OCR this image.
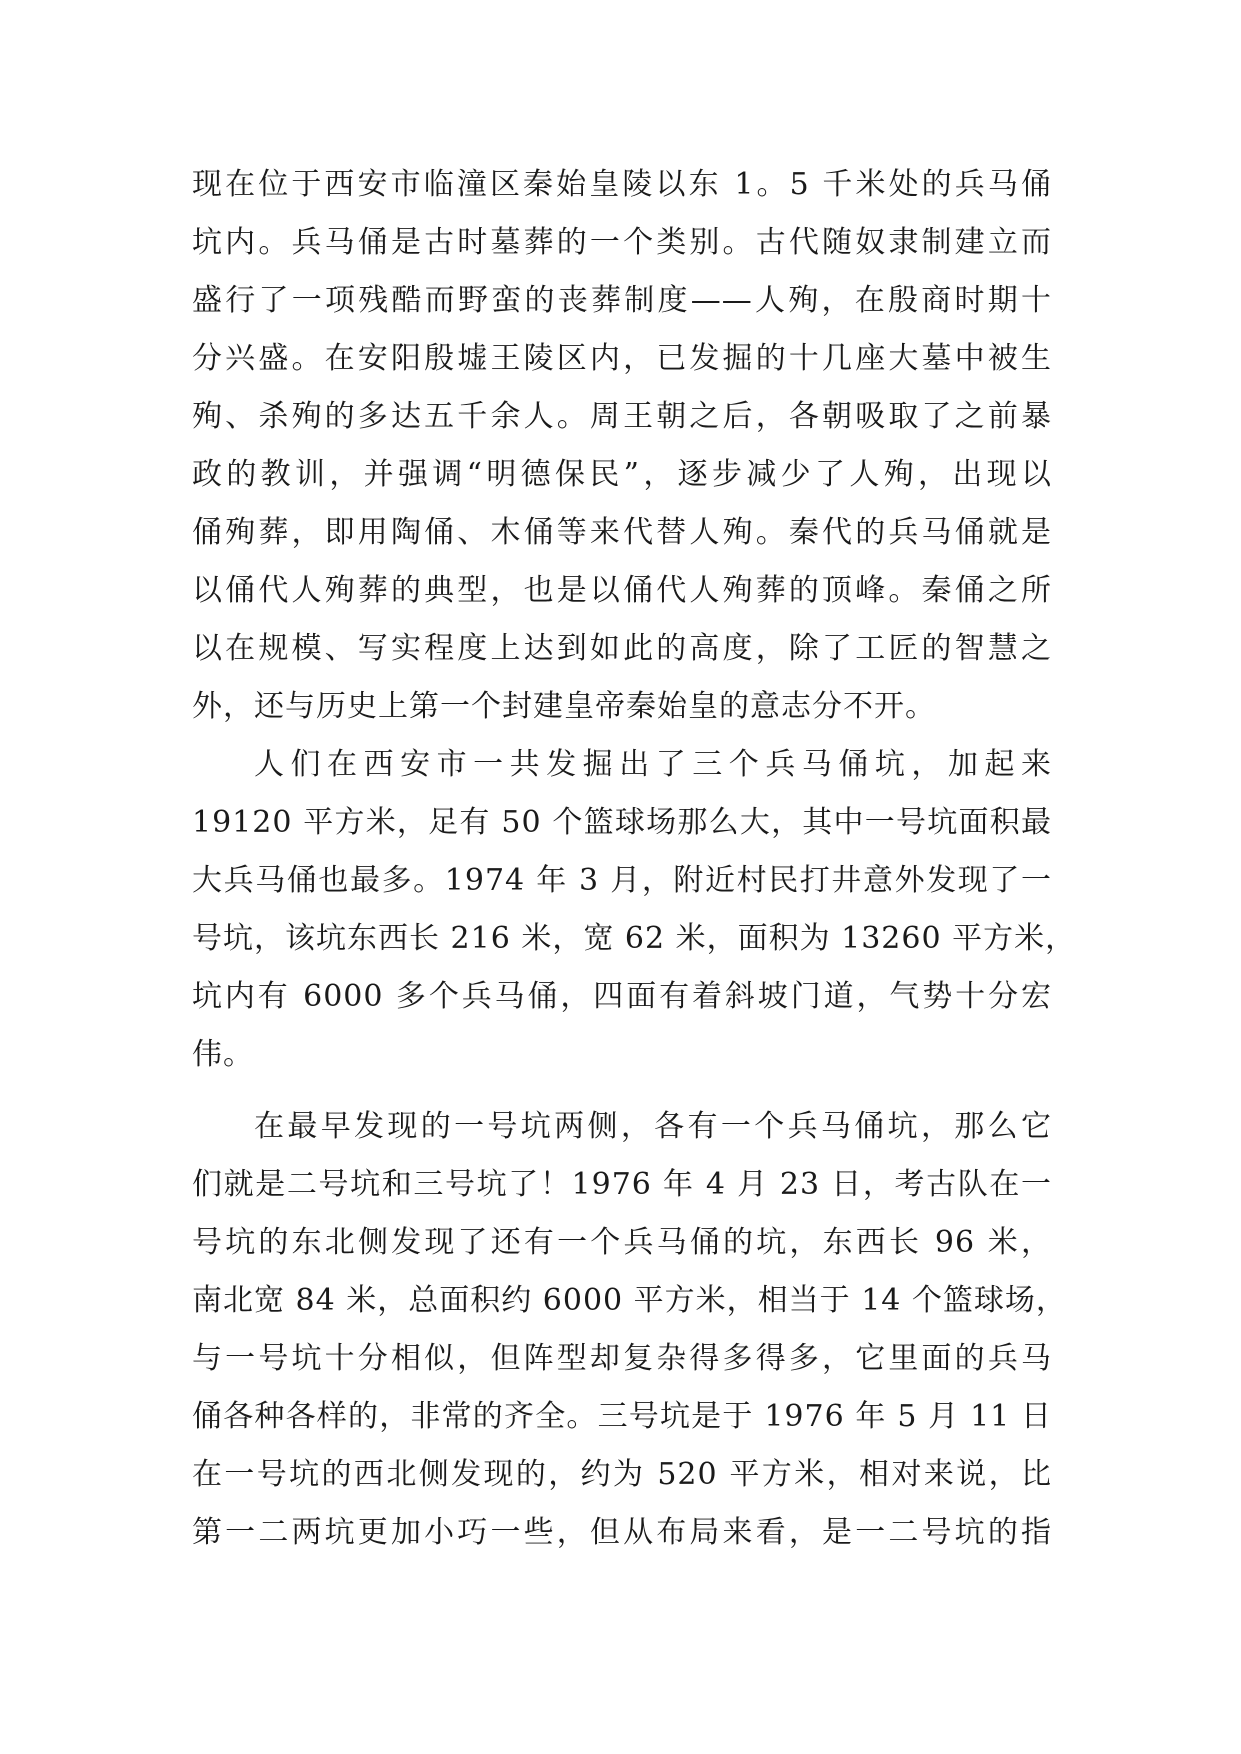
现在位于西安市临潼区秦始皇陵以东 1。5 千米处的兵马俑
坑内。兵马俑是古时墓葬的一个类别。古代随奴隶制建立而
盛行了一项残酷而野蛮的丧葬制度——人殉，在殷商时期十
分兴盛。在安阳殷墟王陵区内，已发掘的十几座大墓中被生
殉、杀殉的多达五千余人。周王朝之后，各朝吸取了之前暴
政的教训，并强调“明德保民”，逐步减少了人殉，出现以
俑殉葬，即用陶俑、木俑等来代替人殉。秦代的兵马俑就是
以俑代人殉葬的典型，也是以俑代人殉葬的顶峰。秦俑之所
以在规模、写实程度上达到如此的高度，除了工匠的智慧之
外，还与历史上第一个封建皇帝秦始皇的意志分不开。
人们在西安市一共发掘出了三个兵马俑坑，加起来
19120 平方米，足有 50 个篮球场那么大，其中一号坑面积最
大兵马俑也最多。1974 年 3 月，附近村民打井意外发现了一
号坑，该坑东西长 216 米，宽 62 米，面积为 13260 平方米，
坑内有 6000 多个兵马俑，四面有着斜坡门道，气势十分宏
伟。
在最早发现的一号坑两侧，各有一个兵马俑坑，那么它
们就是二号坑和三号坑了！1976 年 4 月 23 日，考古队在一
号坑的东北侧发现了还有一个兵马俑的坑，东西长 96 米，
南北宽 84 米，总面积约 6000 平方米，相当于 14 个篮球场，
与一号坑十分相似，但阵型却复杂得多得多，它里面的兵马
俑各种各样的，非常的齐全。三号坑是于 1976 年 5 月 11 日
在一号坑的西北侧发现的，约为 520 平方米，相对来说，比
第一二两坑更加小巧一些，但从布局来看，是一二号坑的指
